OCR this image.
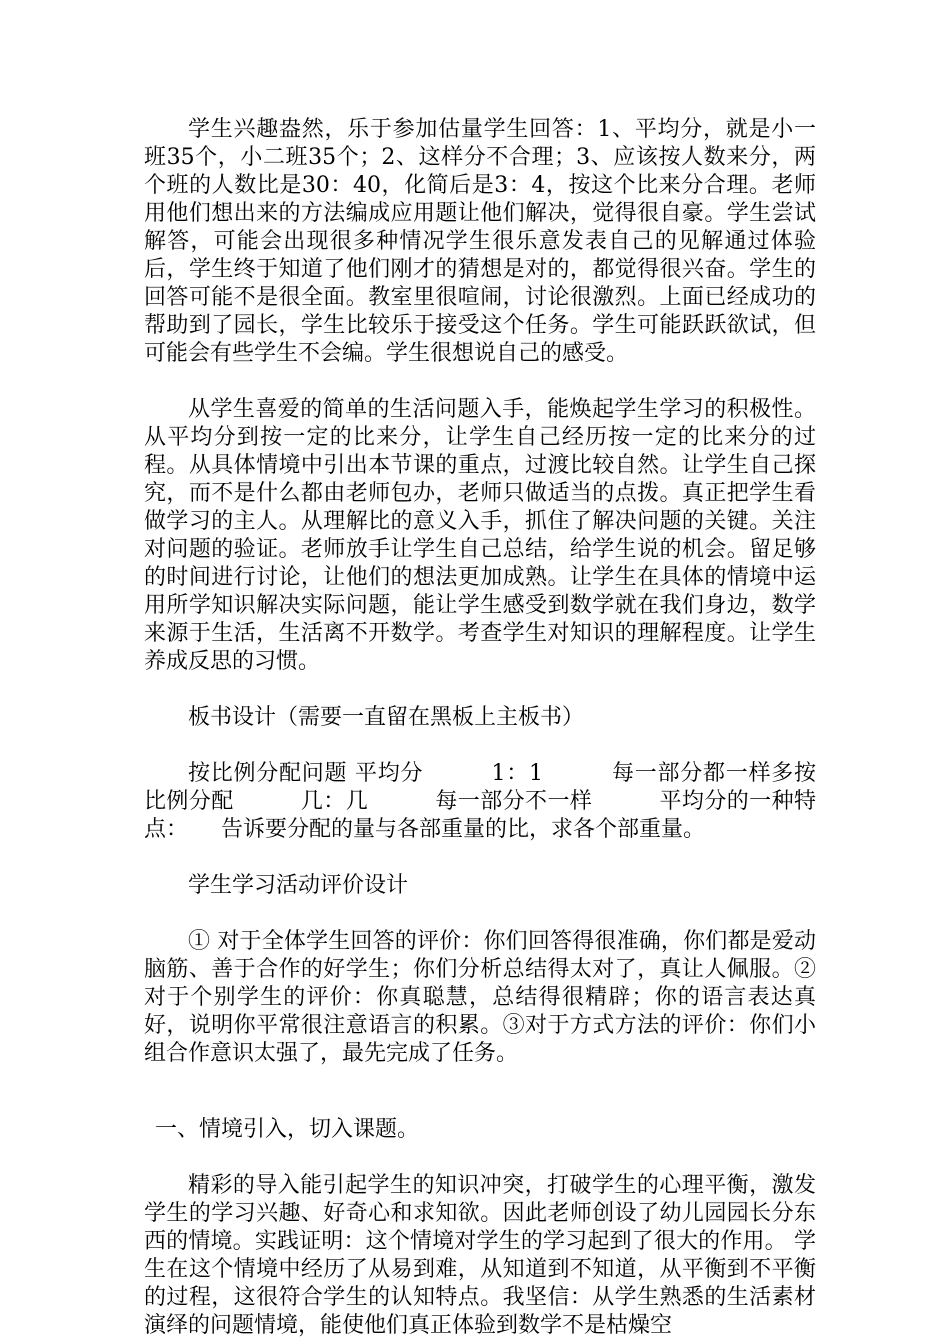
学生兴趣盎然，乐于参加估量学生回答：1、平均分，就是小一班35个，小二班35个；2、这样分不合理；3、应该按人数来分，两个班的人数比是30：40，化简后是3：4，按这个比来分合理。老师用他们想出来的方法编成应用题让他们解决，觉得很自豪。学生尝试解答，可能会出现很多种情况学生很乐意发表自己的见解通过体验后，学生终于知道了他们刚才的猜想是对的，都觉得很兴奋。学生的回答可能不是很全面。教室里很喧闹，讨论很激烈。上面已经成功的帮助到了园长，学生比较乐于接受这个任务。学生可能跃跃欲试，但可能会有些学生不会编。学生很想说自己的感受。

从学生喜爱的简单的生活问题入手，能焕起学生学习的积极性。从平均分到按一定的比来分，让学生自己经历按一定的比来分的过程。从具体情境中引出本节课的重点，过渡比较自然。让学生自己探究，而不是什么都由老师包办，老师只做适当的点拨。真正把学生看做学习的主人。从理解比的意义入手，抓住了解决问题的关键。关注对问题的验证。老师放手让学生自己总结，给学生说的机会。留足够的时间进行讨论，让他们的想法更加成熟。让学生在具体的情境中运用所学知识解决实际问题，能让学生感受到数学就在我们身边，数学来源于生活，生活离不开数学。考查学生对知识的理解程度。让学生养成反思的习惯。

板书设计（需要一直留在黑板上主板书）

按比例分配问题 平均分　　　1：1　　　每一部分都一样多按比例分配　　　几：几　　　每一部分不一样　　　平均分的一种特点：　　告诉要分配的量与各部重量的比，求各个部重量。

学生学习活动评价设计

① 对于全体学生回答的评价：你们回答得很准确，你们都是爱动脑筋、善于合作的好学生；你们分析总结得太对了，真让人佩服。②对于个别学生的评价：你真聪慧，总结得很精辟；你的语言表达真好，说明你平常很注意语言的积累。③对于方式方法的评价：你们小组合作意识太强了，最先完成了任务。

一、情境引入，切入课题。

精彩的导入能引起学生的知识冲突，打破学生的心理平衡，激发学生的学习兴趣、好奇心和求知欲。因此老师创设了幼儿园园长分东西的情境。实践证明：这个情境对学生的学习起到了很大的作用。 学生在这个情境中经历了从易到难，从知道到不知道，从平衡到不平衡的过程，这很符合学生的认知特点。我坚信：从学生熟悉的生活素材演绎的问题情境，能使他们真正体验到数学不是枯燥空
